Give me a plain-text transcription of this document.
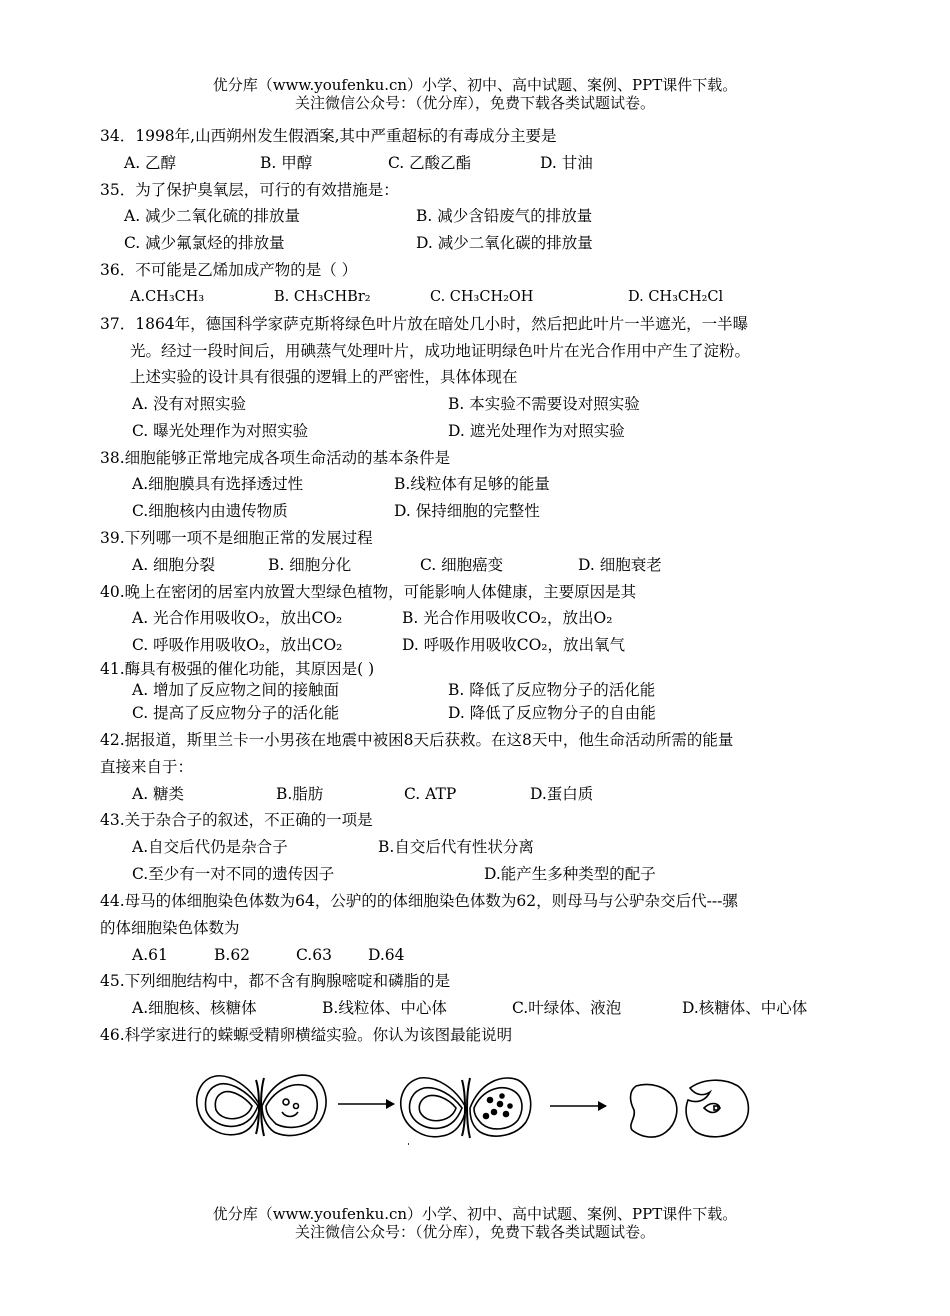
优分库（www.youfenku.cn）小学、初中、高中试题、案例、PPT课件下载。
关注微信公众号：（优分库），免费下载各类试题试卷。
34．1998年,山西朔州发生假酒案,其中严重超标的有毒成分主要是
A. 乙醇	B. 甲醇	C. 乙酸乙酯	D. 甘油
35．为了保护臭氧层，可行的有效措施是：
A. 减少二氧化硫的排放量	B. 减少含铅废气的排放量
C. 减少氟氯烃的排放量	D. 减少二氧化碳的排放量
36．不可能是乙烯加成产物的是（ ）
A.CH₃CH₃	B. CH₃CHBr₂	C. CH₃CH₂OH	D. CH₃CH₂Cl
37．1864年，德国科学家萨克斯将绿色叶片放在暗处几小时，然后把此叶片一半遮光，一半曝
光。经过一段时间后，用碘蒸气处理叶片，成功地证明绿色叶片在光合作用中产生了淀粉。
上述实验的设计具有很强的逻辑上的严密性，具体体现在
A. 没有对照实验	B. 本实验不需要设对照实验
C. 曝光处理作为对照实验	D. 遮光处理作为对照实验
38.细胞能够正常地完成各项生命活动的基本条件是
A.细胞膜具有选择透过性	B.线粒体有足够的能量
C.细胞核内由遗传物质	D. 保持细胞的完整性
39.下列哪一项不是细胞正常的发展过程
A. 细胞分裂	B. 细胞分化	C. 细胞癌变	D. 细胞衰老
40.晚上在密闭的居室内放置大型绿色植物，可能影响人体健康，主要原因是其
A. 光合作用吸收O₂，放出CO₂	B. 光合作用吸收CO₂，放出O₂
C. 呼吸作用吸收O₂，放出CO₂	D. 呼吸作用吸收CO₂，放出氧气
41.酶具有极强的催化功能，其原因是( )
A. 增加了反应物之间的接触面	B. 降低了反应物分子的活化能
C. 提高了反应物分子的活化能	D. 降低了反应物分子的自由能
42.据报道，斯里兰卡一小男孩在地震中被困8天后获救。在这8天中，他生命活动所需的能量
直接来自于：
A. 糖类	B.脂肪	C. ATP	D.蛋白质
43.关于杂合子的叙述，不正确的一项是
A.自交后代仍是杂合子	B.自交后代有性状分离
C.至少有一对不同的遗传因子	D.能产生多种类型的配子
44.母马的体细胞染色体数为64，公驴的的体细胞染色体数为62，则母马与公驴杂交后代---骡
的体细胞染色体数为
A.61	B.62	C.63 D.64
45.下列细胞结构中，都不含有胸腺嘧啶和磷脂的是
A.细胞核、核糖体	B.线粒体、中心体	C.叶绿体、液泡	D.核糖体、中心体
46.科学家进行的蝾螈受精卵横缢实验。你认为该图最能说明
优分库（www.youfenku.cn）小学、初中、高中试题、案例、PPT课件下载。
关注微信公众号：（优分库），免费下载各类试题试卷。
